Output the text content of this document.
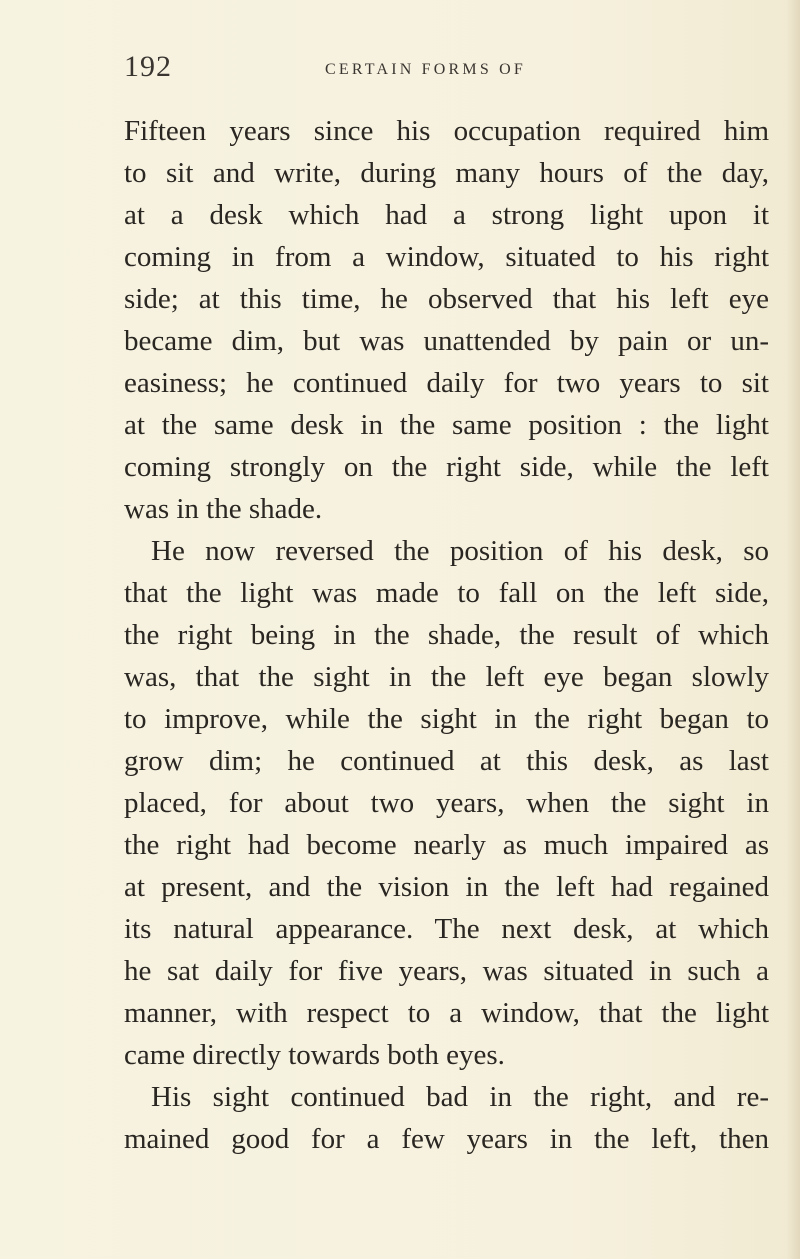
192	CERTAIN FORMS OF

Fifteen years since his occupation required him
to sit and write, during many hours of the day,
at a desk which had a strong light upon it
coming in from a window, situated to his right
side; at this time, he observed that his left eye
became dim, but was unattended by pain or un-
easiness; he continued daily for two years to sit
at the same desk in the same position : the light
coming strongly on the right side, while the left
was in the shade.

He now reversed the position of his desk, so
that the light was made to fall on the left side,
the right being in the shade, the result of which
was, that the sight in the left eye began slowly
to improve, while the sight in the right began to
grow dim; he continued at this desk, as last
placed, for about two years, when the sight in
the right had become nearly as much impaired as
at present, and the vision in the left had regained
its natural appearance. The next desk, at which
he sat daily for five years, was situated in such a
manner, with respect to a window, that the light
came directly towards both eyes.

His sight continued bad in the right, and re-
mained good for a few years in the left, then
